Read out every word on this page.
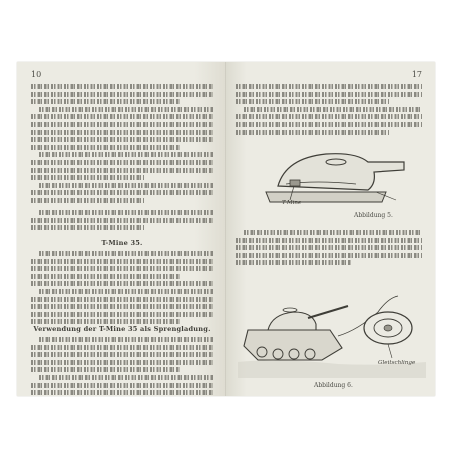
10
T-Mine 35.
Verwendung der T-Mine 35 als Sprengladung.
17
T-Mine
Abbildung 5.
Gleitschlinge
Abbildung 6.
